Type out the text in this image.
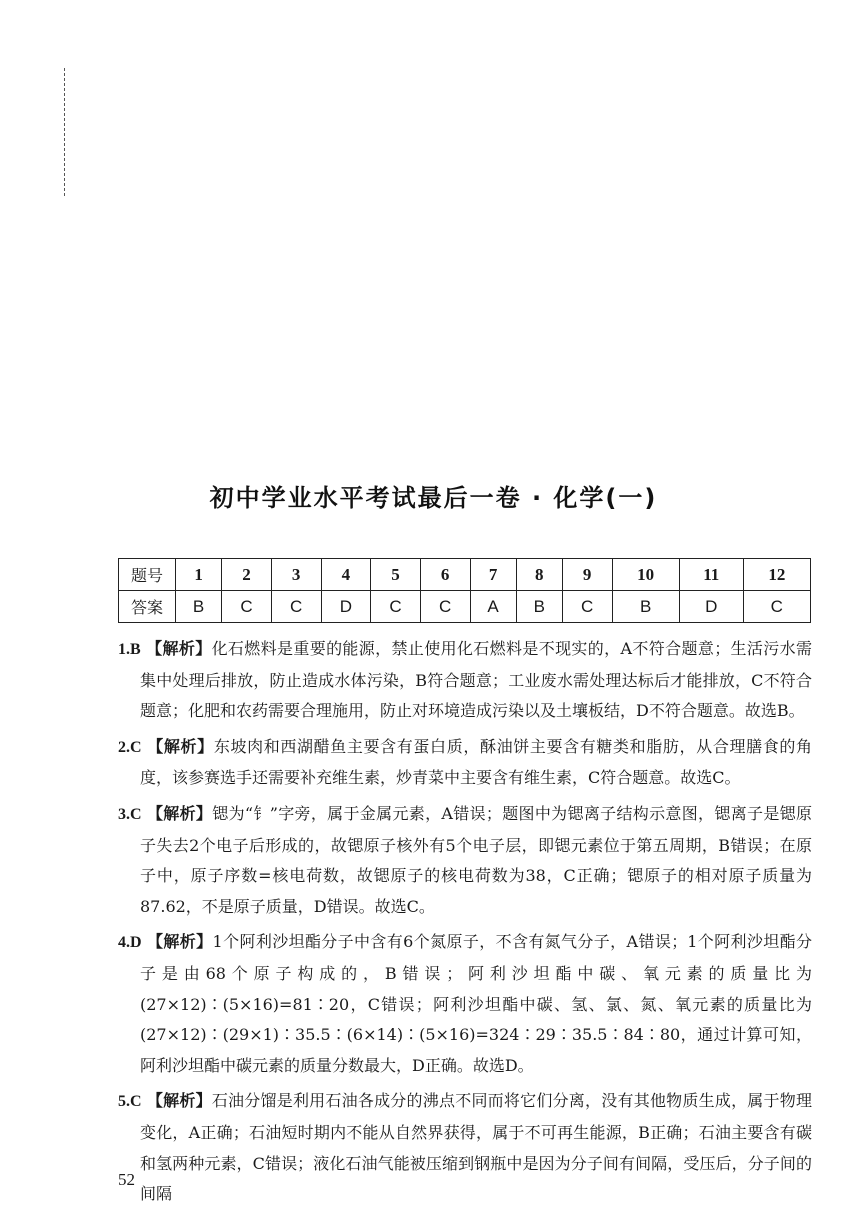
初中学业水平考试最后一卷 · 化学(一)
题号	1	2	3	4	5	6	7	8	9	10	11	12
答案	B	C	C	D	C	C	A	B	C	B	D	C

1.B 【解析】化石燃料是重要的能源，禁止使用化石燃料是不现实的，A不符合题意；生活污水需集中处理后排放，防止造成水体污染，B符合题意；工业废水需处理达标后才能排放，C不符合题意；化肥和农药需要合理施用，防止对环境造成污染以及土壤板结，D不符合题意。故选B。

2.C 【解析】东坡肉和西湖醋鱼主要含有蛋白质，酥油饼主要含有糖类和脂肪，从合理膳食的角度，该参赛选手还需要补充维生素，炒青菜中主要含有维生素，C符合题意。故选C。

3.C 【解析】锶为“钅”字旁，属于金属元素，A错误；题图中为锶离子结构示意图，锶离子是锶原子失去2个电子后形成的，故锶原子核外有5个电子层，即锶元素位于第五周期，B错误；在原子中，原子序数=核电荷数，故锶原子的核电荷数为38，C正确；锶原子的相对原子质量为87.62，不是原子质量，D错误。故选C。

4.D 【解析】1个阿利沙坦酯分子中含有6个氮原子，不含有氮气分子，A错误；1个阿利沙坦酯分子是由68个原子构成的，B错误；阿利沙坦酯中碳、氧元素的质量比为(27×12)∶(5×16)=81∶20，C错误；阿利沙坦酯中碳、氢、氯、氮、氧元素的质量比为(27×12)∶(29×1)∶35.5∶(6×14)∶(5×16)=324∶29∶35.5∶84∶80，通过计算可知，阿利沙坦酯中碳元素的质量分数最大，D正确。故选D。

5.C 【解析】石油分馏是利用石油各成分的沸点不同而将它们分离，没有其他物质生成，属于物理变化，A正确；石油短时期内不能从自然界获得，属于不可再生能源，B正确；石油主要含有碳和氢两种元素，C错误；液化石油气能被压缩到钢瓶中是因为分子间有间隔，受压后，分子间的间隔

52
